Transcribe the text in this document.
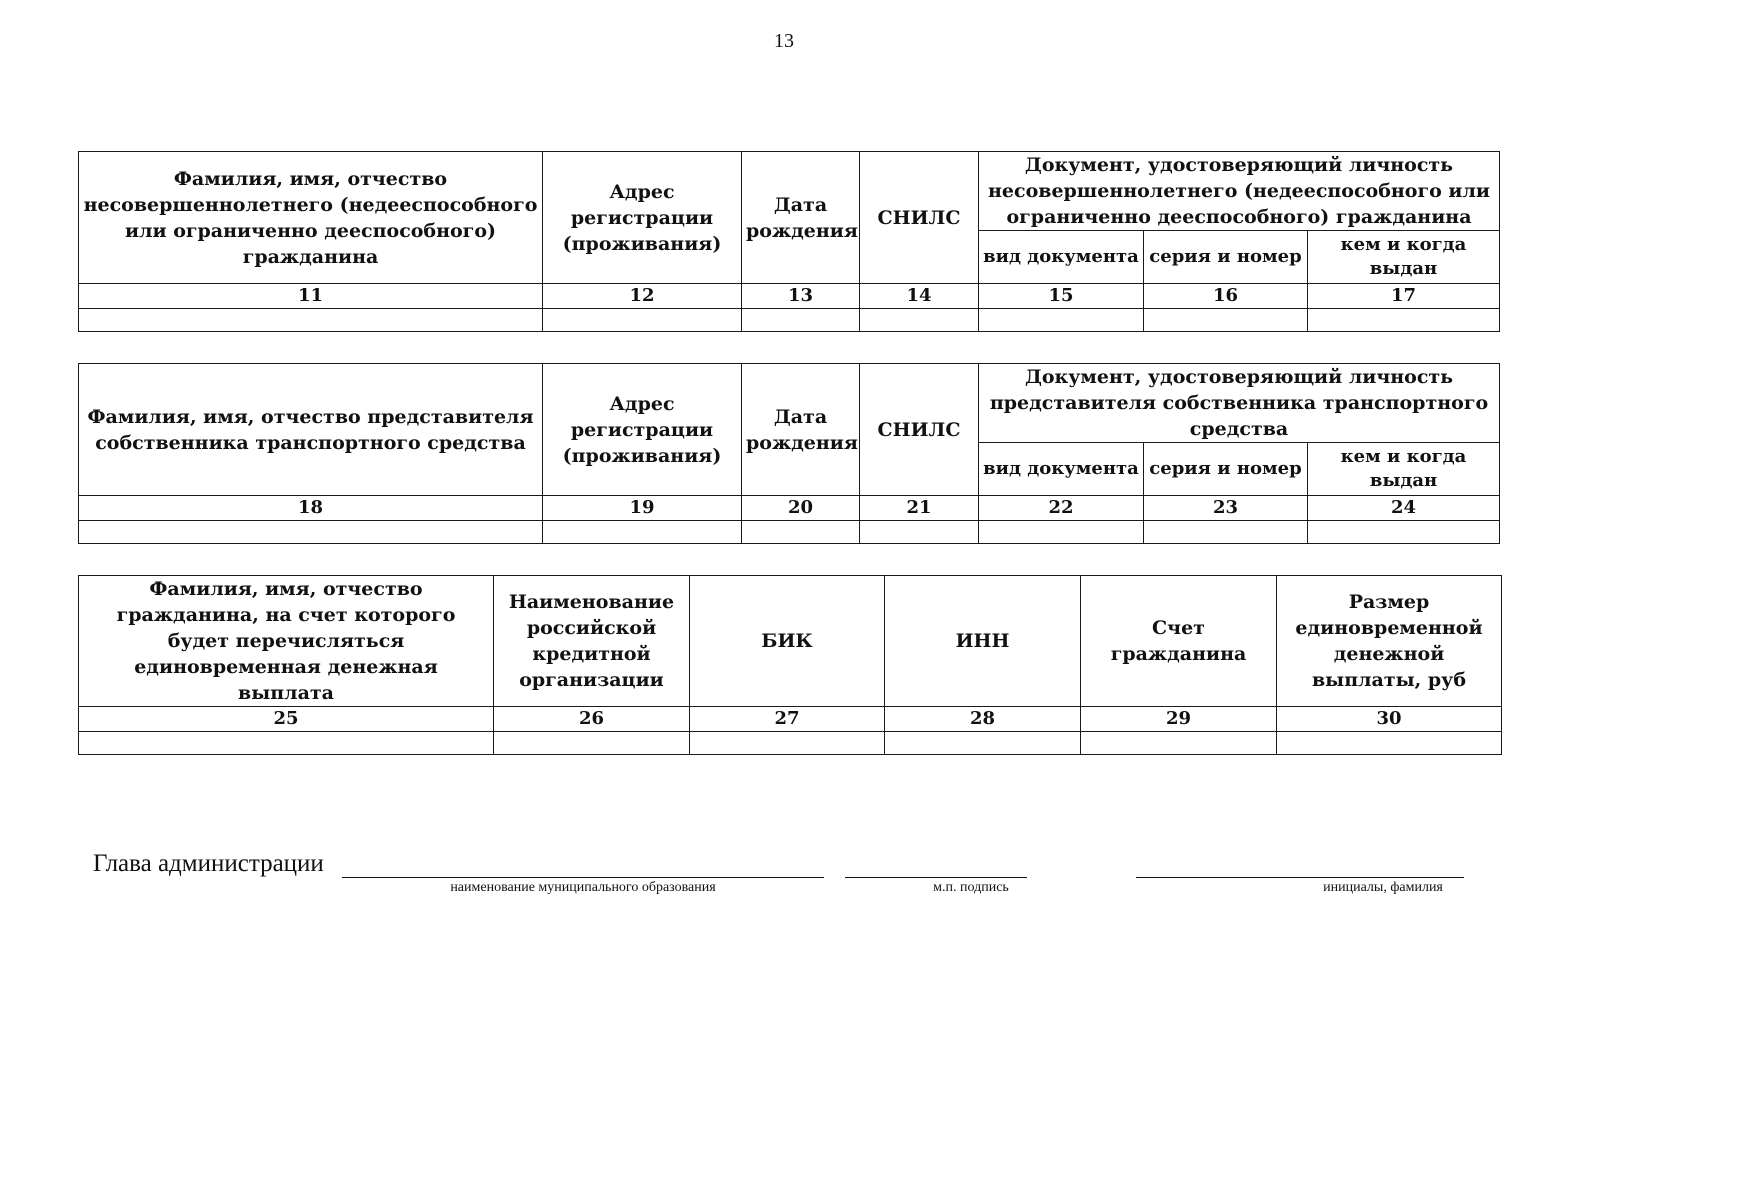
13
Фамилия, имя, отчество несовершеннолетнего (недееспособного или ограниченно дееспособного) гражданина	Адрес регистрации (проживания)	Дата рождения	СНИЛС	Документ, удостоверяющий личность несовершеннолетнего (недееспособного или ограниченно дееспособного) гражданина		
				вид документа	серия и номер	кем и когда выдан
11	12	13	14	15	16	17

Фамилия, имя, отчество представителя собственника транспортного средства	Адрес регистрации (проживания)	Дата рождения	СНИЛС	Документ, удостоверяющий личность представителя собственника транспортного средства		
				вид документа	серия и номер	кем и когда выдан
18	19	20	21	22	23	24

Фамилия, имя, отчество гражданина, на счет которого будет перечисляться единовременная денежная выплата	Наименование российской кредитной организации	БИК	ИНН	Счет гражданина	Размер единовременной денежной выплаты, руб
25	26	27	28	29	30

Глава администрации
наименование муниципального образования	м.п. подпись	инициалы, фамилия
